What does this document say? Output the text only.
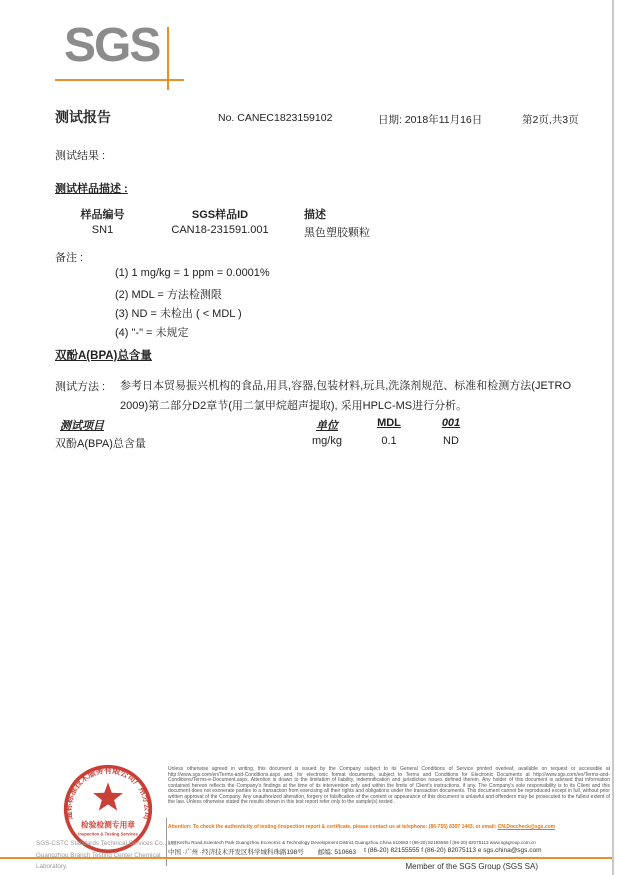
SGS
测试报告	No. CANEC1823159102	日期: 2018年11月16日	第2页,共3页
测试结果 :
测试样品描述 :
样品编号	SGS样品ID	描述
SN1	CAN18-231591.001	黑色塑胶颗粒
备注 :
(1) 1 mg/kg = 1 ppm = 0.0001%
(2) MDL = 方法检测限
(3) ND = 未检出 ( < MDL )
(4) "-" = 未规定
双酚A(BPA)总含量
测试方法 : 参考日本贸易振兴机构的食品,用具,容器,包装材料,玩具,洗涤剂规范、标准和检测方法(JETRO 2009)第二部分D2章节(用二氯甲烷超声提取), 采用HPLC-MS进行分析。
测试项目	单位	MDL	001
双酚A(BPA)总含量	mg/kg	0.1	ND
通标标准技术服务有限公司广州分公司
检验检测专用章
Inspection & Testing Services
SGS-CSTC Standards Technical Services Co., Ltd.
Guangzhou Branch Testing Center Chemical Laboratory.
Unless otherwise agreed in writing, this document is issued by the Company subject to its General Conditions of Service printed overleaf, available on request or accessible at http://www.sgs.com/en/Terms-and-Conditions.aspx and, for electronic format documents, subject to Terms and Conditions for Electronic Documents at http://www.sgs.com/en/Terms-and-Conditions/Terms-e-Document.aspx. Attention is drawn to the limitation of liability, indemnification and jurisdiction issues defined therein. Any holder of this document is advised that information contained hereon reflects the Company's findings at the time of its intervention only and within the limits of Client's instructions, if any. The Company's sole responsibility is to its Client and this document does not exonerate parties to a transaction from exercising all their rights and obligations under the transaction documents. This document cannot be reproduced except in full, without prior written approval of the Company. Any unauthorized alteration, forgery or falsification of the content or appearance of this document is unlawful and offenders may be prosecuted to the fullest extent of the law. Unless otherwise stated the results shown in this test report refer only to the sample(s) tested .
Attention: To check the authenticity of testing /inspection report & certificate, please contact us at telephone: (86-755) 8307 1443, or email: CN.Doccheck@sgs.com
198 Kezhu Road,Scientech Park Guangzhou Economic & Technology Development District,Guangzhou,China 510663 t (86-20) 82155555 f (86-20) 82075113 www.sgsgroup.com.cn
中国 ·广州 ·经济技术开发区科学城科珠路198号 邮编: 510663 t (86-20) 82155555 f (86-20) 82075113 e sgs.china@sgs.com
Member of the SGS Group (SGS SA)
